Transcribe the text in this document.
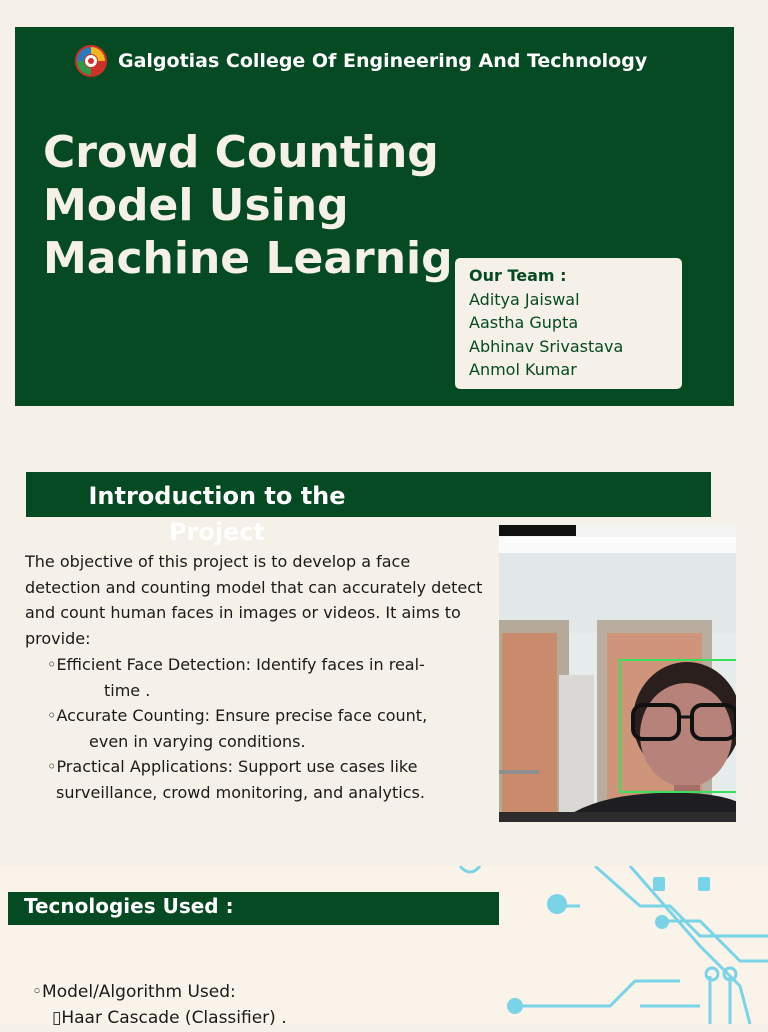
Galgotias College Of Engineering And Technology
Crowd Counting
Model Using
Machine Learnig Our Team :
Aditya Jaiswal
Aastha Gupta
Abhinav Srivastava
Anmol Kumar
Introduction to the Project
The objective of this project is to develop a face detection and counting model that can accurately detect and count human faces in images or videos. It aims to provide:
◦Efficient Face Detection: Identify faces in real-
time .
◦Accurate Counting: Ensure precise face count,
even in varying conditions.
◦Practical Applications: Support use cases like
surveillance, crowd monitoring, and analytics.
Tecnologies Used :
◦Model/Algorithm Used:
▯Haar Cascade (Classifier) .
